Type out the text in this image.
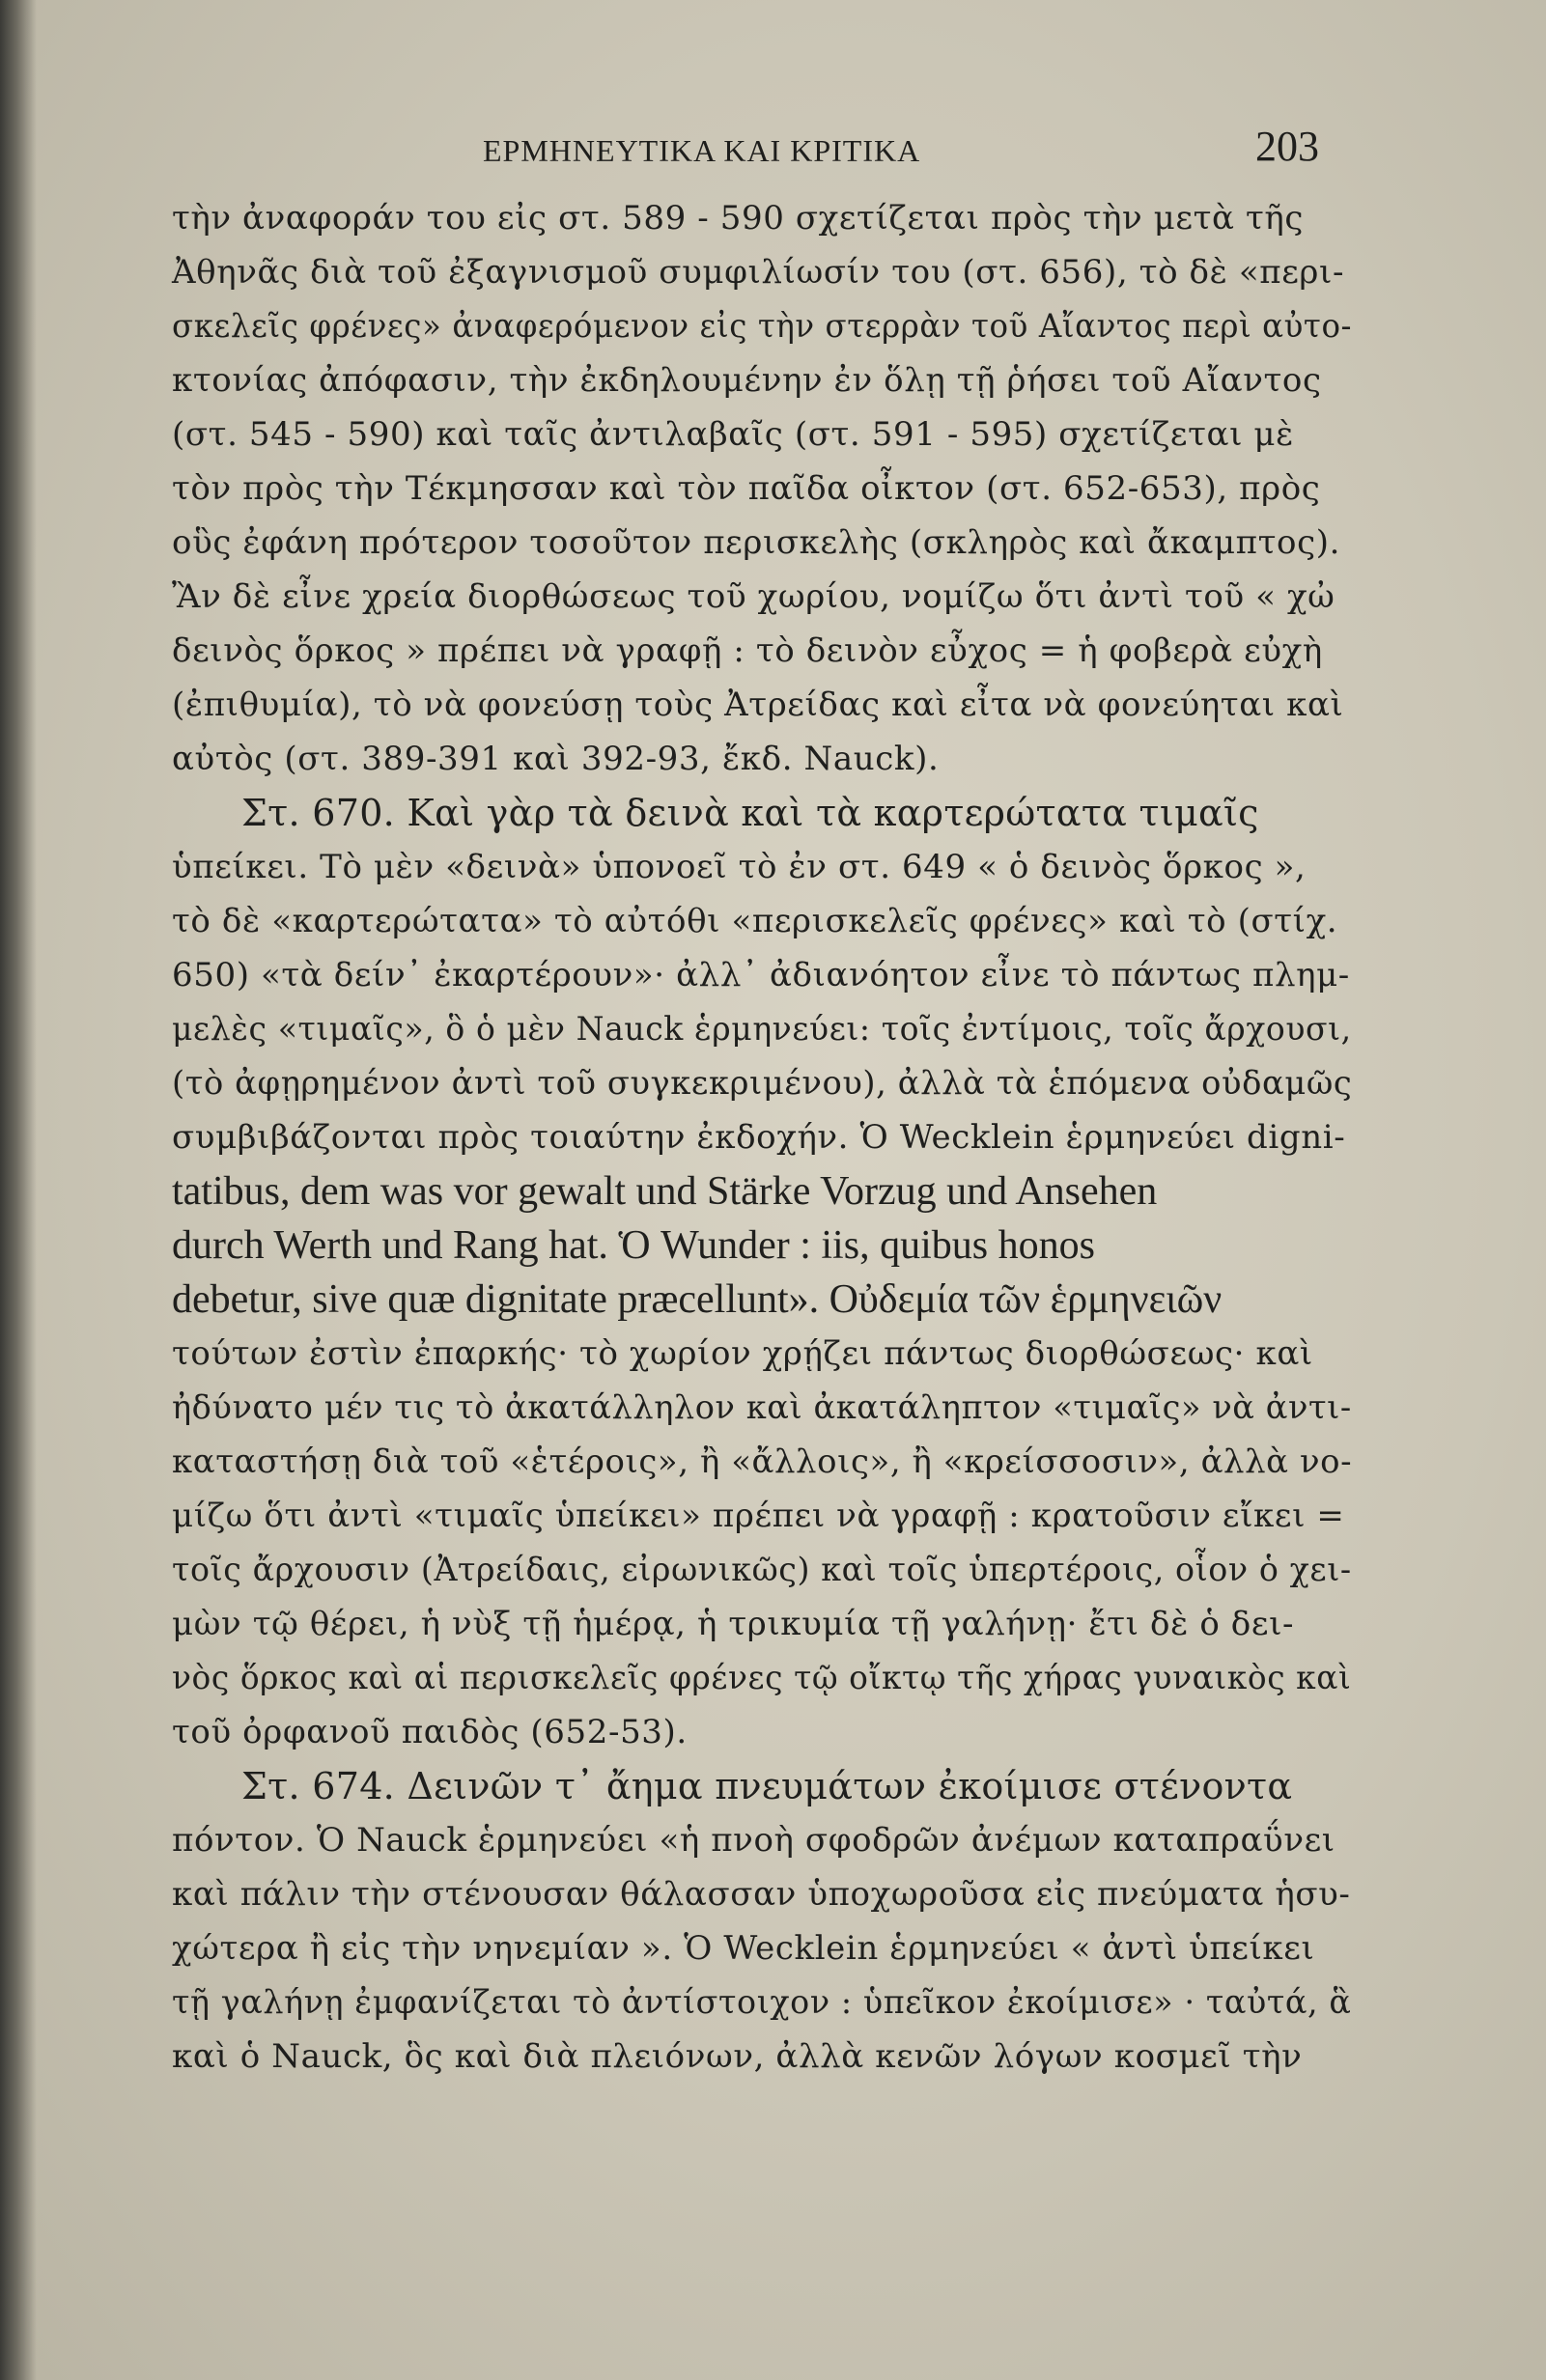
ΕΡΜΗΝΕΥΤΙΚΑ ΚΑΙ ΚΡΙΤΙΚΑ	203
τὴν ἀναφοράν του εἰς στ. 589 - 590 σχετίζεται πρὸς τὴν μετὰ τῆς
Ἀθηνᾶς διὰ τοῦ ἐξαγνισμοῦ συμφιλίωσίν του (στ. 656), τὸ δὲ «περι-
σκελεῖς φρένες» ἀναφερόμενον εἰς τὴν στερρὰν τοῦ Αἴαντος περὶ αὐτο-
κτονίας ἀπόφασιν, τὴν ἐκδηλουμένην ἐν ὅλῃ τῇ ῥήσει τοῦ Αἴαντος
(στ. 545 - 590) καὶ ταῖς ἀντιλαβαῖς (στ. 591 - 595) σχετίζεται μὲ
τὸν πρὸς τὴν Τέκμησσαν καὶ τὸν παῖδα οἶκτον (στ. 652-653), πρὸς
οὓς ἐφάνη πρότερον τοσοῦτον περισκελὴς (σκληρὸς καὶ ἄκαμπτος).
Ἂν δὲ εἶνε χρεία διορθώσεως τοῦ χωρίου, νομίζω ὅτι ἀντὶ τοῦ « χὠ
δεινὸς ὅρκος » πρέπει νὰ γραφῇ : τὸ δεινὸν εὖχος = ἡ φοβερὰ εὐχὴ
(ἐπιθυμία), τὸ νὰ φονεύσῃ τοὺς Ἀτρείδας καὶ εἶτα νὰ φονεύηται καὶ
αὐτὸς (στ. 389-391 καὶ 392-93, ἔκδ. Nauck).
Στ. 670. Καὶ γὰρ τὰ δεινὰ καὶ τὰ καρτερώτατα τιμαῖς
ὑπείκει. Τὸ μὲν «δεινὰ» ὑπονοεῖ τὸ ἐν στ. 649 « ὁ δεινὸς ὅρκος »,
τὸ δὲ «καρτερώτατα» τὸ αὐτόθι «περισκελεῖς φρένες» καὶ τὸ (στίχ.
650) «τὰ δείν᾽ ἐκαρτέρουν»· ἀλλ᾽ ἀδιανόητον εἶνε τὸ πάντως πλημ-
μελὲς «τιμαῖς», ὃ ὁ μὲν Nauck ἑρμηνεύει: τοῖς ἐντίμοις, τοῖς ἄρχουσι,
(τὸ ἀφῃρημένον ἀντὶ τοῦ συγκεκριμένου), ἀλλὰ τὰ ἑπόμενα οὐδαμῶς
συμβιβάζονται πρὸς τοιαύτην ἐκδοχήν. Ὁ Wecklein ἑρμηνεύει digni-
tatibus, dem was vor gewalt und Stärke Vorzug und Ansehen
durch Werth und Rang hat. Ὁ Wunder : iis, quibus honos
debetur, sive quæ dignitate præcellunt». Οὐδεμία τῶν ἑρμηνειῶν
τούτων ἐστὶν ἐπαρκής· τὸ χωρίον χρῄζει πάντως διορθώσεως· καὶ
ἠδύνατο μέν τις τὸ ἀκατάλληλον καὶ ἀκατάληπτον «τιμαῖς» νὰ ἀντι-
καταστήσῃ διὰ τοῦ «ἑτέροις», ἢ «ἄλλοις», ἢ «κρείσσοσιν», ἀλλὰ νο-
μίζω ὅτι ἀντὶ «τιμαῖς ὑπείκει» πρέπει νὰ γραφῇ : κρατοῦσιν εἴκει =
τοῖς ἄρχουσιν (Ἀτρείδαις, εἰρωνικῶς) καὶ τοῖς ὑπερτέροις, οἷον ὁ χει-
μὼν τῷ θέρει, ἡ νὺξ τῇ ἡμέρᾳ, ἡ τρικυμία τῇ γαλήνῃ· ἔτι δὲ ὁ δει-
νὸς ὅρκος καὶ αἱ περισκελεῖς φρένες τῷ οἴκτῳ τῆς χήρας γυναικὸς καὶ
τοῦ ὀρφανοῦ παιδὸς (652-53).
Στ. 674. Δεινῶν τ᾽ ἄημα πνευμάτων ἐκοίμισε στένοντα
πόντον. Ὁ Nauck ἑρμηνεύει «ἡ πνοὴ σφοδρῶν ἀνέμων καταπραΰνει
καὶ πάλιν τὴν στένουσαν θάλασσαν ὑποχωροῦσα εἰς πνεύματα ἡσυ-
χώτερα ἢ εἰς τὴν νηνεμίαν ». Ὁ Wecklein ἑρμηνεύει « ἀντὶ ὑπείκει
τῇ γαλήνῃ ἐμφανίζεται τὸ ἀντίστοιχον : ὑπεῖκον ἐκοίμισε» · ταὐτά, ἃ
καὶ ὁ Nauck, ὃς καὶ διὰ πλειόνων, ἀλλὰ κενῶν λόγων κοσμεῖ τὴν
